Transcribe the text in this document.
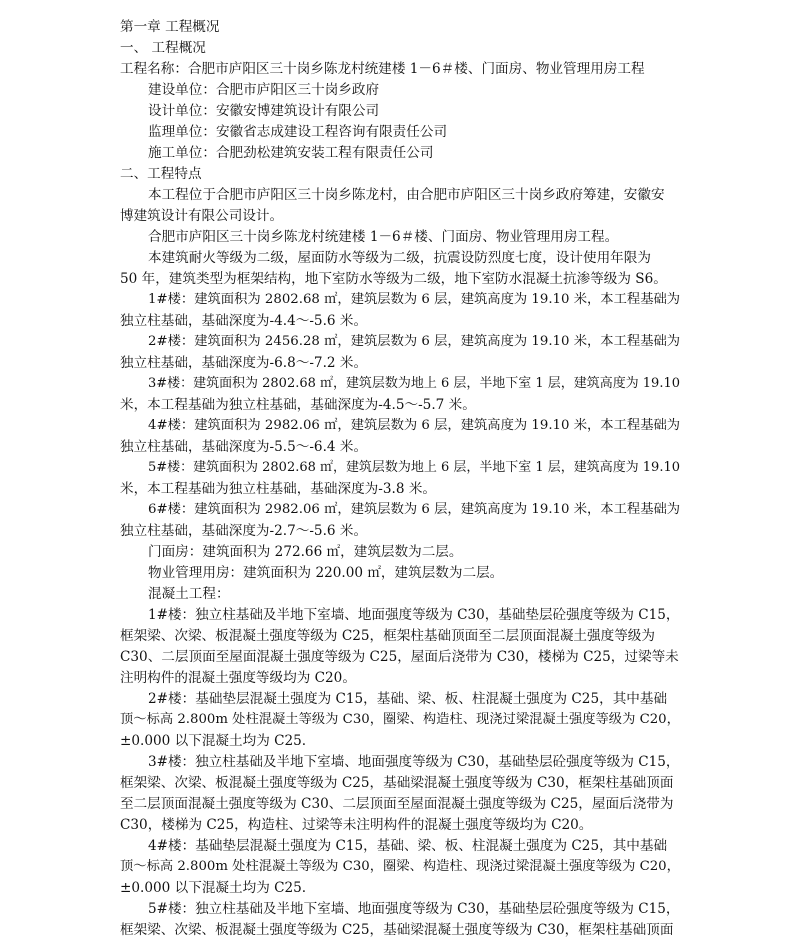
第一章 工程概况

一、 工程概况

工程名称：合肥市庐阳区三十岗乡陈龙村统建楼 1－6＃楼、门面房、物业管理用房工程

建设单位：合肥市庐阳区三十岗乡政府

设计单位：安徽安博建筑设计有限公司

监理单位：安徽省志成建设工程咨询有限责任公司

施工单位：合肥劲松建筑安装工程有限责任公司

二、工程特点

本工程位于合肥市庐阳区三十岗乡陈龙村，由合肥市庐阳区三十岗乡政府筹建，安徽安

博建筑设计有限公司设计。

合肥市庐阳区三十岗乡陈龙村统建楼 1－6＃楼、门面房、物业管理用房工程。

本建筑耐火等级为二级，屋面防水等级为二级，抗震设防烈度七度，设计使用年限为

50 年，建筑类型为框架结构，地下室防水等级为二级，地下室防水混凝土抗渗等级为 S6。

1#楼：建筑面积为 2802.68 ㎡，建筑层数为 6 层，建筑高度为 19.10 米，本工程基础为

独立柱基础，基础深度为-4.4～-5.6 米。

2#楼：建筑面积为 2456.28 ㎡，建筑层数为 6 层，建筑高度为 19.10 米，本工程基础为

独立柱基础，基础深度为-6.8～-7.2 米。

3#楼：建筑面积为 2802.68 ㎡，建筑层数为地上 6 层，半地下室 1 层，建筑高度为 19.10

米，本工程基础为独立柱基础，基础深度为-4.5～-5.7 米。

4#楼：建筑面积为 2982.06 ㎡，建筑层数为 6 层，建筑高度为 19.10 米，本工程基础为

独立柱基础，基础深度为-5.5～-6.4 米。

5#楼：建筑面积为 2802.68 ㎡，建筑层数为地上 6 层，半地下室 1 层，建筑高度为 19.10

米，本工程基础为独立柱基础，基础深度为-3.8 米。

6#楼：建筑面积为 2982.06 ㎡，建筑层数为 6 层，建筑高度为 19.10 米，本工程基础为

独立柱基础，基础深度为-2.7～-5.6 米。

门面房：建筑面积为 272.66 ㎡，建筑层数为二层。

物业管理用房：建筑面积为 220.00 ㎡，建筑层数为二层。

混凝土工程：

1#楼：独立柱基础及半地下室墙、地面强度等级为 C30，基础垫层砼强度等级为 C15，

框架梁、次梁、板混凝土强度等级为 C25，框架柱基础顶面至二层顶面混凝土强度等级为

C30、二层顶面至屋面混凝土强度等级为 C25，屋面后浇带为 C30，楼梯为 C25，过梁等未

注明构件的混凝土强度等级均为 C20。

2#楼：基础垫层混凝土强度为 C15，基础、梁、板、柱混凝土强度为 C25，其中基础

顶～标高 2.800m 处柱混凝土等级为 C30，圈梁、构造柱、现浇过梁混凝土强度等级为 C20，

±0.000 以下混凝土均为 C25.

3#楼：独立柱基础及半地下室墙、地面强度等级为 C30，基础垫层砼强度等级为 C15，

框架梁、次梁、板混凝土强度等级为 C25，基础梁混凝土强度等级为 C30，框架柱基础顶面

至二层顶面混凝土强度等级为 C30、二层顶面至屋面混凝土强度等级为 C25，屋面后浇带为

C30，楼梯为 C25，构造柱、过梁等未注明构件的混凝土强度等级均为 C20。

4#楼：基础垫层混凝土强度为 C15，基础、梁、板、柱混凝土强度为 C25，其中基础

顶～标高 2.800m 处柱混凝土等级为 C30，圈梁、构造柱、现浇过梁混凝土强度等级为 C20，

±0.000 以下混凝土均为 C25.

5#楼：独立柱基础及半地下室墙、地面强度等级为 C30，基础垫层砼强度等级为 C15，

框架梁、次梁、板混凝土强度等级为 C25，基础梁混凝土强度等级为 C30，框架柱基础顶面
